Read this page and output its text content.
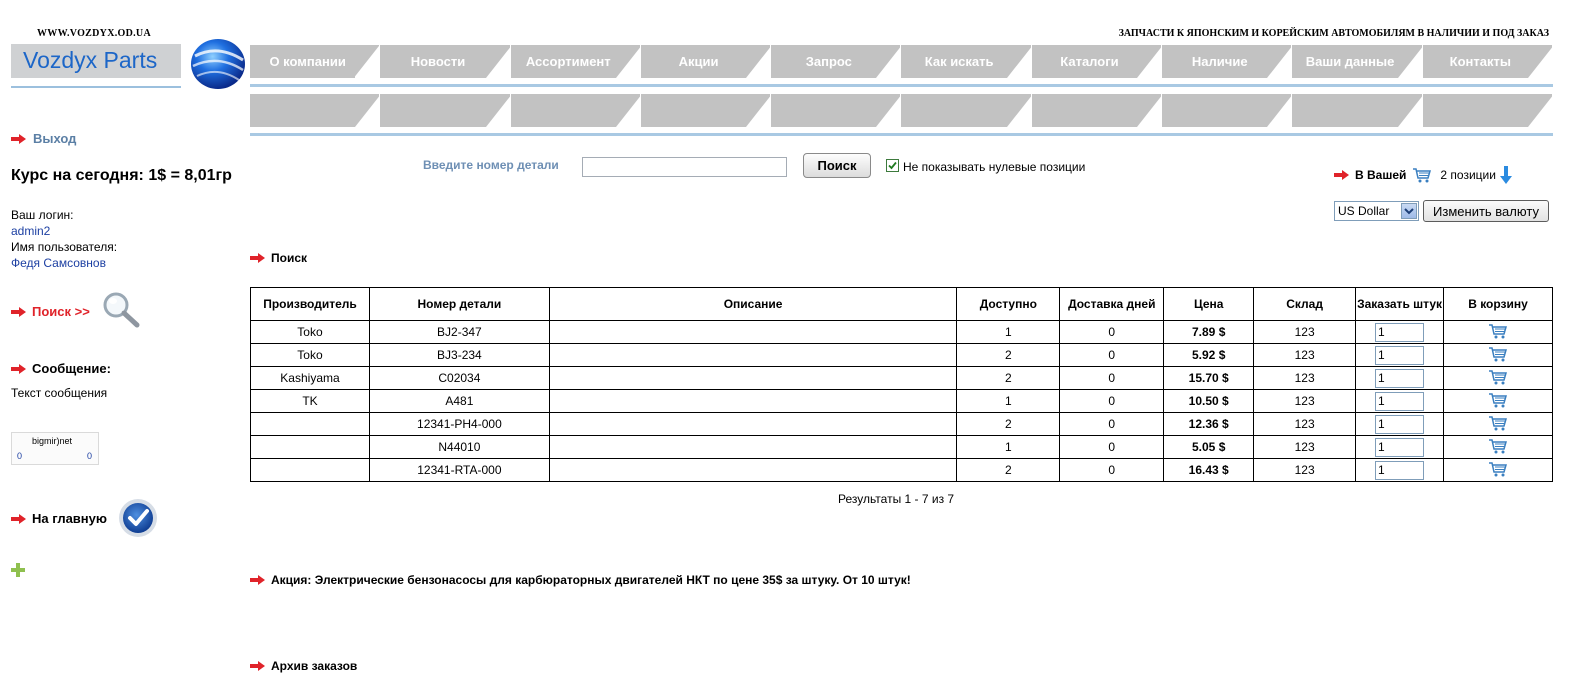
WWW.VOZDYX.OD.UA	ЗАПЧАСТИ К ЯПОНСКИМ И КОРЕЙСКИМ АВТОМОБИЛЯМ В НАЛИЧИИ И ПОД ЗАКАЗ
Vozdyx Parts	О компании	Новости	Ассортимент	Акции	Запрос	Как искать	Каталоги	Наличие	Ваши данные	Контакты
Выход
Курс на сегодня: 1$ = 8,01гр
Ваш логин:
admin2
Имя пользователя:
Федя Самсовнов
Поиск >>
Сообщение:
Текст сообщения
bigmir)net
0	0
На главную
Введите номер детали	Поиск	Не показывать нулевые позиции
В Вашей	2 позиции
US Dollar	Изменить валюту
Поиск
Производитель	Номер детали	Описание	Доступно	Доставка дней	Цена	Склад	Заказать штук	В корзину
Toko	BJ2-347		1	0	7.89 $	123	1	
Toko	BJ3-234		2	0	5.92 $	123	1	
Kashiyama	C02034		2	0	15.70 $	123	1	
TK	A481		1	0	10.50 $	123	1	
	12341-PH4-000		2	0	12.36 $	123	1	
	N44010		1	0	5.05 $	123	1	
	12341-RTA-000		2	0	16.43 $	123	1	
Результаты 1 - 7 из 7
Акция: Электрические бензонасосы для карбюраторных двигателей НКТ по цене 35$ за штуку. От 10 штук!
Архив заказов
